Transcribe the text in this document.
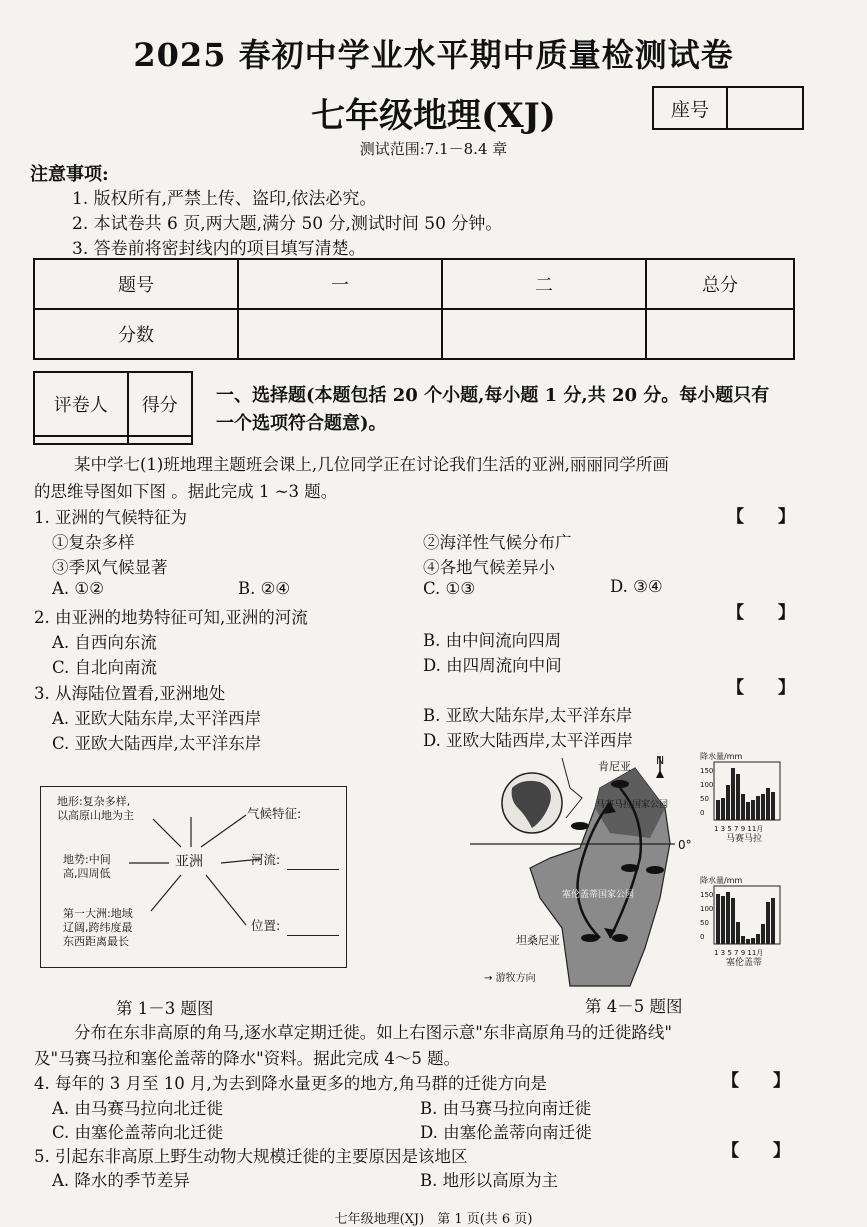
2025 春初中学业水平期中质量检测试卷
七年级地理(XJ)	座号
测试范围:7.1－8.4 章
注意事项:
1. 版权所有,严禁上传、盗印,依法必究。
2. 本试卷共 6 页,两大题,满分 50 分,测试时间 50 分钟。
3. 答卷前将密封线内的项目填写清楚。
题号	一	二	总分
分数			
评卷人	得分
	一、选择题(本题包括 20 个小题,每小题 1 分,共 20 分。每小题只有
一个选项符合题意)。
某中学七(1)班地理主题班会课上,几位同学正在讨论我们生活的亚洲,丽丽同学所画
的思维导图如下图 。据此完成 1 ~3 题。
1. 亚洲的气候特征为	【　　】
①复杂多样	②海洋性气候分布广
③季风气候显著	④各地气候差异小
A. ①②	B. ②④	C. ①③	D. ③④
2. 由亚洲的地势特征可知,亚洲的河流	【　　】
A. 自西向东流	B. 由中间流向四周
C. 自北向南流	D. 由四周流向中间
3. 从海陆位置看,亚洲地处	【　　】
A. 亚欧大陆东岸,太平洋西岸	B. 亚欧大陆东岸,太平洋东岸
C. 亚欧大陆西岸,太平洋东岸	D. 亚欧大陆西岸,太平洋西岸
地形:复杂多样,
以高原山地为主	气候特征:
地势:中间
高,四周低
亚洲	河流:
第一大洲:地域
辽阔,跨纬度最
东西距离最长
位置:
肯尼亚 N
马赛马拉国家公园
0°
塞伦盖蒂国家公园
坦桑尼亚
→ 游牧方向
降水量/mm
150
100
50
0
1 3 5 7 9 11月
马赛马拉
降水量/mm
150
100
50
0
1 3 5 7 9 11月
塞伦盖蒂
第 1－3 题图	第 4－5 题图
分布在东非高原的角马,逐水草定期迁徙。如上右图示意"东非高原角马的迁徙路线"
及"马赛马拉和塞伦盖蒂的降水"资料。据此完成 4～5 题。
4. 每年的 3 月至 10 月,为去到降水量更多的地方,角马群的迁徙方向是	【　　】
A. 由马赛马拉向北迁徙	B. 由马赛马拉向南迁徙
C. 由塞伦盖蒂向北迁徙	D. 由塞伦盖蒂向南迁徙
5. 引起东非高原上野生动物大规模迁徙的主要原因是该地区	【　　】
A. 降水的季节差异	B. 地形以高原为主
七年级地理(XJ)　第 1 页(共 6 页)
